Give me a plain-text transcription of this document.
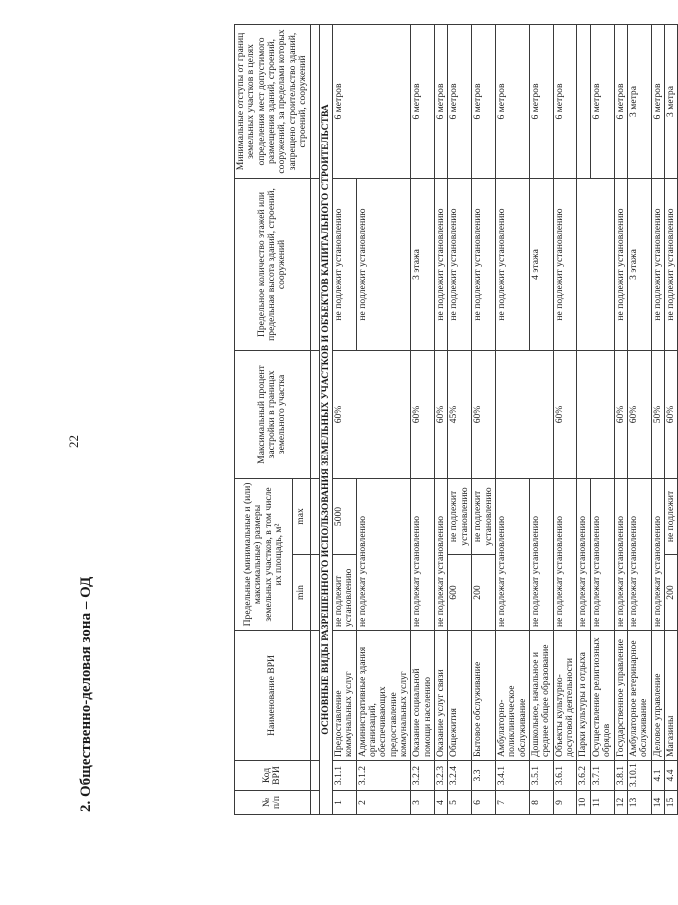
22
2. Общественно-деловая зона – ОД	№ п/п	Код ВРИ	Наименование ВРИ	Предельные (минимальные и (или) максимальные) размеры земельных участков, в том числе их площадь, м²		Максимальный процент застройки в границах земельного участка	Предельное количество этажей или предельная высота зданий, строений, сооружений	Минимальные отступы от границ земельных участков в целях определения мест допустимого размещения зданий, строений, сооружений, за пределами которых запрещено строительство зданий, строений, сооружений
			min	max			

ОСНОВНЫЕ ВИДЫ РАЗРЕШЕННОГО ИСПОЛЬЗОВАНИЯ ЗЕМЕЛЬНЫХ УЧАСТКОВ И ОБЪЕКТОВ КАПИТАЛЬНОГО СТРОИТЕЛЬСТВА							
1	3.1.1	Предоставление коммунальных услуг	не подлежит установлению	5000	60%	не подлежит установлению	6 метров
2	3.1.2	Административные здания организаций, обеспечивающих предоставление коммунальных услуг	не подлежат установлению			не подлежит установлению	
3	3.2.2	Оказание социальной помощи населению	не подлежат установлению		60%	3 этажа	6 метров
4	3.2.3	Оказание услуг связи	не подлежат установлению		60%	не подлежит установлению	6 метров
5	3.2.4	Общежития	600	не подлежит установлению	45%	не подлежит установлению	6 метров
6	3.3	Бытовое обслуживание	200	не подлежит установлению	60%	не подлежит установлению	6 метров
7	3.4.1	Амбулаторно-поликлиническое обслуживание	не подлежат установлению			не подлежит установлению	6 метров
8	3.5.1	Дошкольное, начальное и среднее общее образование	не подлежат установлению			4 этажа	6 метров
9	3.6.1	Объекты культурно-досуговой деятельности	не подлежат установлению		60%	не подлежит установлению	6 метров
10	3.6.2	Парки культуры и отдыха	не подлежат установлению				
11	3.7.1	Осуществление религиозных обрядов	не подлежат установлению				6 метров
12	3.8.1	Государственное управление	не подлежат установлению		60%	не подлежит установлению	6 метров
13	3.10.1	Амбулаторное ветеринарное обслуживание	не подлежат установлению		60%	3 этажа	3 метра
14	4.1	Деловое управление	не подлежат установлению		50%	не подлежит установлению	6 метров
15	4.4	Магазины	200	не подлежит	60%	не подлежит установлению	3 метра
